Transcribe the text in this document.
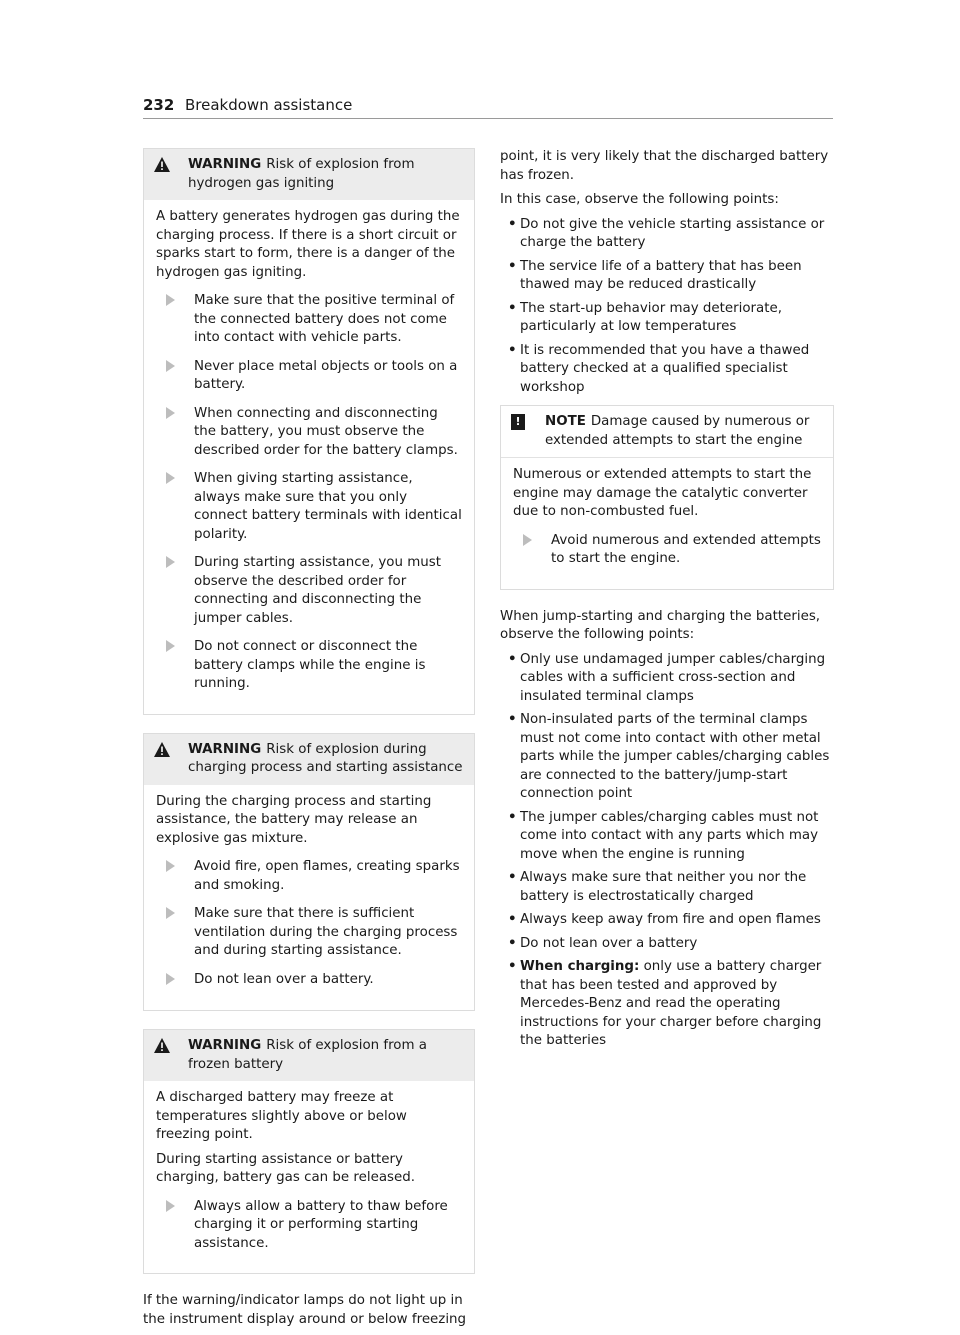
232 Breakdown assistance
WARNING Risk of explosion from hydrogen gas igniting

A battery generates hydrogen gas during the charging process. If there is a short circuit or sparks start to form, there is a danger of the hydrogen gas igniting.

Make sure that the positive terminal of the connected battery does not come into contact with vehicle parts.
Never place metal objects or tools on a battery.
When connecting and disconnecting the battery, you must observe the described order for the battery clamps.
When giving starting assistance, always make sure that you only connect battery terminals with identical polarity.
During starting assistance, you must observe the described order for connecting and disconnecting the jumper cables.
Do not connect or disconnect the battery clamps while the engine is running.
WARNING Risk of explosion during charging process and starting assistance

During the charging process and starting assistance, the battery may release an explosive gas mixture.

Avoid fire, open flames, creating sparks and smoking.
Make sure that there is sufficient ventilation during the charging process and during starting assistance.
Do not lean over a battery.
WARNING Risk of explosion from a frozen battery

A discharged battery may freeze at temperatures slightly above or below freezing point.

During starting assistance or battery charging, battery gas can be released.

Always allow a battery to thaw before charging it or performing starting assistance.

If the warning/indicator lamps do not light up in the instrument display around or below freezing

point, it is very likely that the discharged battery has frozen.

In this case, observe the following points:

• Do not give the vehicle starting assistance or charge the battery
• The service life of a battery that has been thawed may be reduced drastically
• The start-up behavior may deteriorate, particularly at low temperatures
• It is recommended that you have a thawed battery checked at a qualified specialist workshop
!	NOTE Damage caused by numerous or extended attempts to start the engine

Numerous or extended attempts to start the engine may damage the catalytic converter due to non-combusted fuel.

Avoid numerous and extended attempts to start the engine.

When jump-starting and charging the batteries, observe the following points:

• Only use undamaged jumper cables/charging cables with a sufficient cross-section and insulated terminal clamps
• Non-insulated parts of the terminal clamps must not come into contact with other metal parts while the jumper cables/charging cables are connected to the battery/jump-start connection point
• The jumper cables/charging cables must not come into contact with any parts which may move when the engine is running
• Always make sure that neither you nor the battery is electrostatically charged
• Always keep away from fire and open flames
• Do not lean over a battery
• When charging: only use a battery charger that has been tested and approved by Mercedes-Benz and read the operating instructions for your charger before charging the batteries
